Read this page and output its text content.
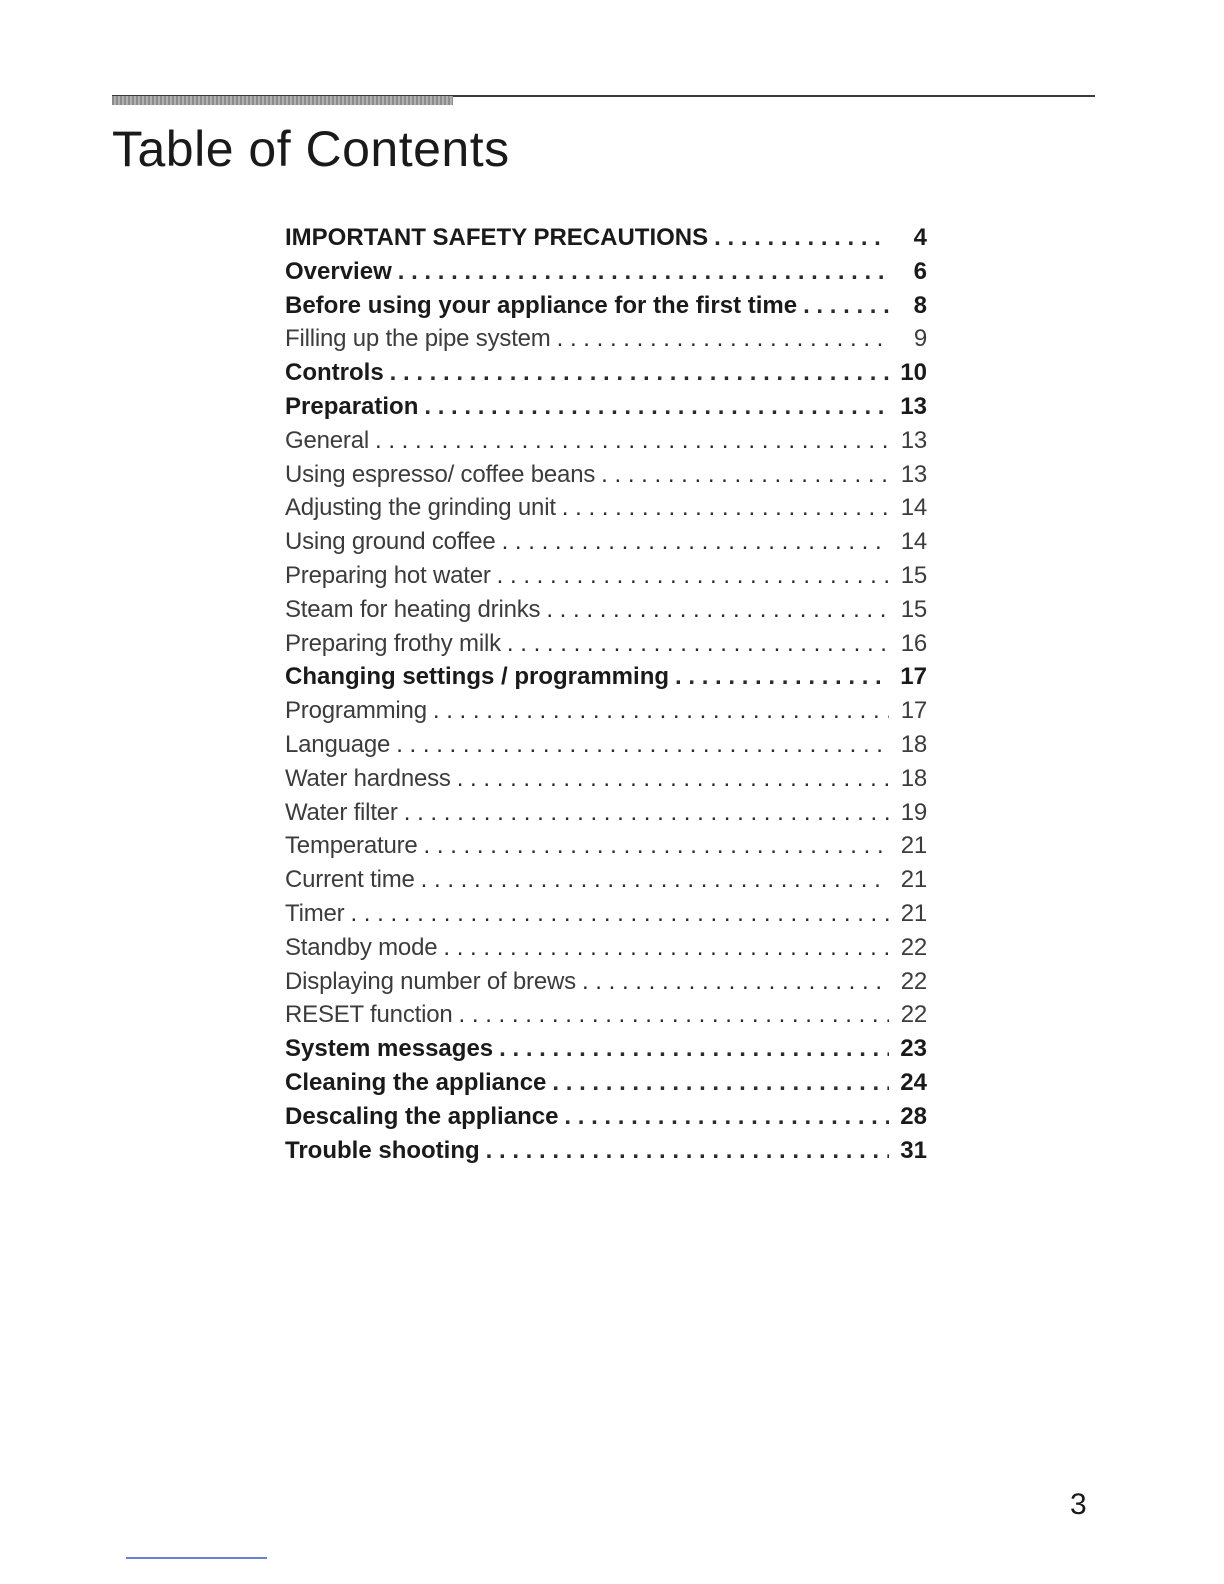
Table of Contents
IMPORTANT SAFETY PRECAUTIONS . . .	4
Overview . . .	6
Before using your appliance for the first time . . .	8
Filling up the pipe system . . .	9
Controls . . .	10
Preparation . . .	13
General . . .	13
Using espresso/ coffee beans . . .	13
Adjusting the grinding unit . . .	14
Using ground coffee . . .	14
Preparing hot water . . .	15
Steam for heating drinks . . .	15
Preparing frothy milk . . .	16
Changing settings / programming . . .	17
Programming . . .	17
Language . . .	18
Water hardness . . .	18
Water filter . . .	19
Temperature . . .	21
Current time . . .	21
Timer . . .	21
Standby mode . . .	22
Displaying number of brews . . .	22
RESET function . . .	22
System messages . . .	23
Cleaning the appliance . . .	24
Descaling the appliance . . .	28
Trouble shooting . . .	31
3
